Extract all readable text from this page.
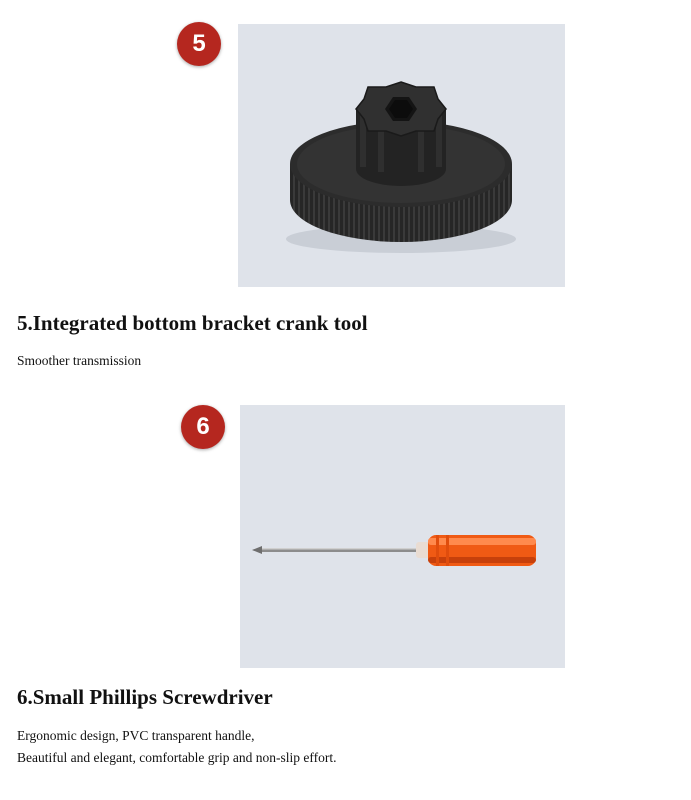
5
5.Integrated bottom bracket crank tool
Smoother transmission
6
6.Small Phillips Screwdriver
Ergonomic design, PVC transparent handle,
Beautiful and elegant, comfortable grip and non-slip effort.
